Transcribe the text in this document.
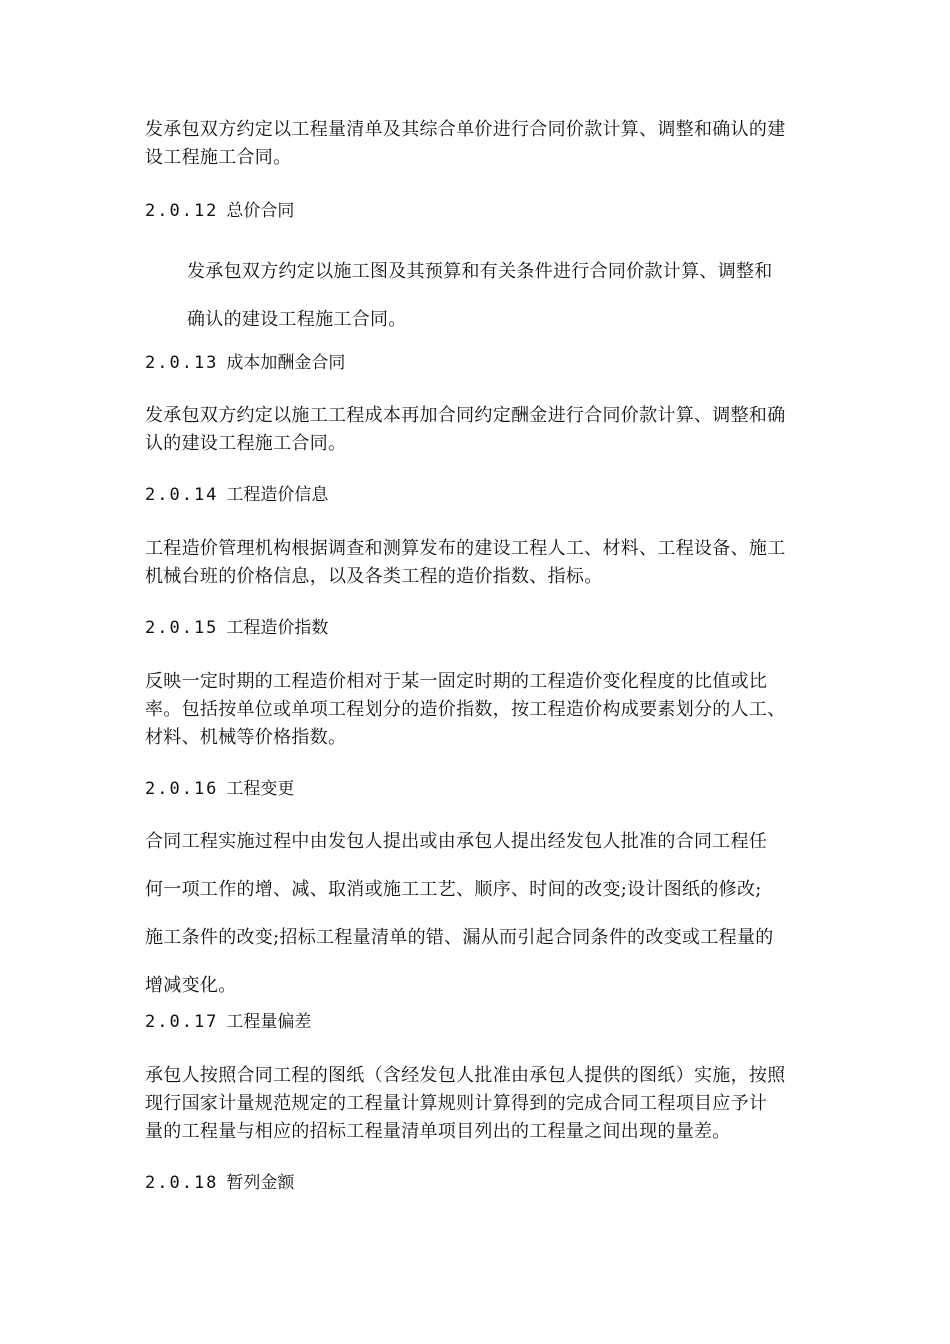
发承包双方约定以工程量清单及其综合单价进行合同价款计算、调整和确认的建
设工程施工合同。

2.0.12 总价合同

发承包双方约定以施工图及其预算和有关条件进行合同价款计算、调整和
确认的建设工程施工合同。

2.0.13 成本加酬金合同

发承包双方约定以施工工程成本再加合同约定酬金进行合同价款计算、调整和确
认的建设工程施工合同。

2.0.14 工程造价信息

工程造价管理机构根据调查和测算发布的建设工程人工、材料、工程设备、施工
机械台班的价格信息，以及各类工程的造价指数、指标。

2.0.15 工程造价指数

反映一定时期的工程造价相对于某一固定时期的工程造价变化程度的比值或比
率。包括按单位或单项工程划分的造价指数，按工程造价构成要素划分的人工、
材料、机械等价格指数。

2.0.16 工程变更

合同工程实施过程中由发包人提出或由承包人提出经发包人批准的合同工程任
何一项工作的增、减、取消或施工工艺、顺序、时间的改变;设计图纸的修改;
施工条件的改变;招标工程量清单的错、漏从而引起合同条件的改变或工程量的
增减变化。

2.0.17 工程量偏差

承包人按照合同工程的图纸（含经发包人批准由承包人提供的图纸）实施，按照
现行国家计量规范规定的工程量计算规则计算得到的完成合同工程项目应予计
量的工程量与相应的招标工程量清单项目列出的工程量之间出现的量差。

2.0.18 暂列金额
